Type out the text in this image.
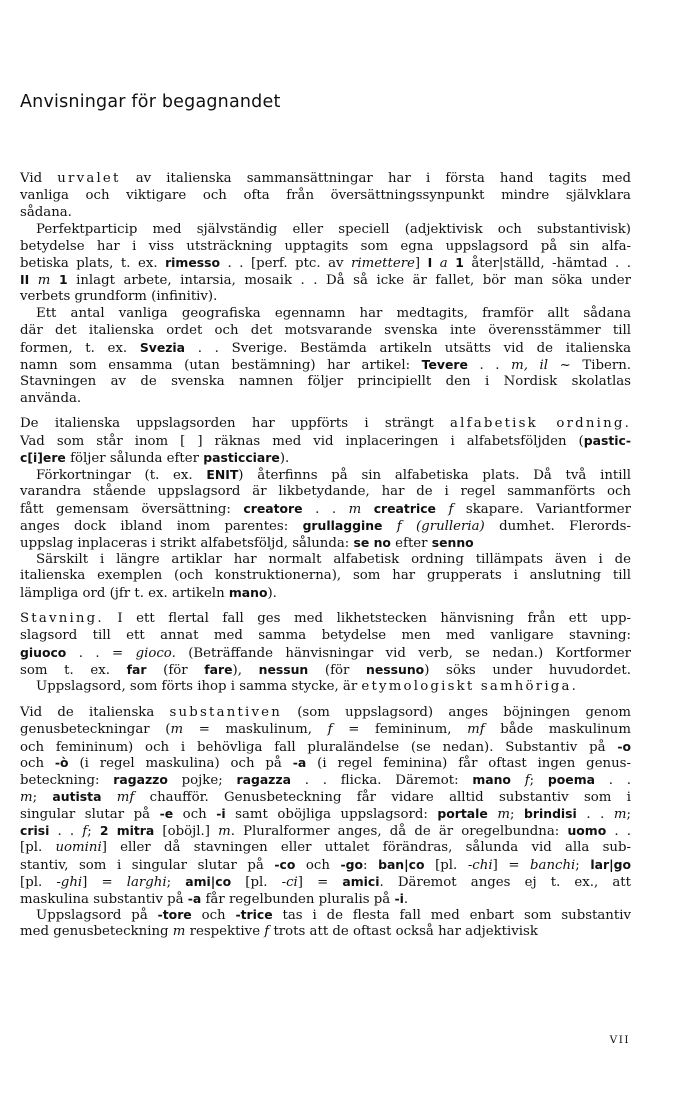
Anvisningar för begagnandet

Vid urvalet av italienska sammansättningar har i första hand tagits med

vanliga och viktigare och ofta från översättningssynpunkt mindre självklara

sådana.

Perfektparticip med självständig eller speciell (adjektivisk och substantivisk)

betydelse har i viss utsträckning upptagits som egna uppslagsord på sin alfa-

betiska plats, t. ex. rimesso . . [perf. ptc. av rimettere] I a 1 åter|ställd, -hämtad . .

II m 1 inlagt arbete, intarsia, mosaik . . Då så icke är fallet, bör man söka under

verbets grundform (infinitiv).

Ett antal vanliga geografiska egennamn har medtagits, framför allt sådana

där det italienska ordet och det motsvarande svenska inte överensstämmer till

formen, t. ex. Svezia . . Sverige. Bestämda artikeln utsätts vid de italienska

namn som ensamma (utan bestämning) har artikel: Tevere . . m, il ~ Tibern.

Stavningen av de svenska namnen följer principiellt den i Nordisk skolatlas

använda.

De italienska uppslagsorden har uppförts i strängt alfabetisk ordning.

Vad som står inom [ ] räknas med vid inplaceringen i alfabetsföljden (pastic-

c[i]ere följer sålunda efter pasticciare).

Förkortningar (t. ex. ENIT) återfinns på sin alfabetiska plats. Då två intill

varandra stående uppslagsord är likbetydande, har de i regel sammanförts och

fått gemensam översättning: creatore . . m creatrice f skapare. Variantformer

anges dock ibland inom parentes: grullaggine f (grulleria) dumhet. Flerords-

uppslag inplaceras i strikt alfabetsföljd, sålunda: se no efter senno

Särskilt i längre artiklar har normalt alfabetisk ordning tillämpats även i de

italienska exemplen (och konstruktionerna), som har grupperats i anslutning till

lämpliga ord (jfr t. ex. artikeln mano).

Stavning. I ett flertal fall ges med likhetstecken hänvisning från ett upp-

slagsord till ett annat med samma betydelse men med vanligare stavning:

giuoco . . = gioco. (Beträffande hänvisningar vid verb, se nedan.) Kortformer

som t. ex. far (för fare), nessun (för nessuno) söks under huvudordet.

Uppslagsord, som förts ihop i samma stycke, är etymologiskt samhöriga.

Vid de italienska substantiven (som uppslagsord) anges böjningen genom

genusbeteckningar (m = maskulinum, f = femininum, mf både maskulinum

och femininum) och i behövliga fall pluraländelse (se nedan). Substantiv på -o

och -ò (i regel maskulina) och på -a (i regel feminina) får oftast ingen genus-

beteckning: ragazzo pojke; ragazza . . flicka. Däremot: mano f; poema . .

m; autista mf chaufför. Genusbeteckning får vidare alltid substantiv som i

singular slutar på -e och -i samt oböjliga uppslagsord: portale m; brindisi . . m;

crisi . . f; 2 mitra [oböjl.] m. Pluralformer anges, då de är oregelbundna: uomo . .

[pl. uomini] eller då stavningen eller uttalet förändras, sålunda vid alla sub-

stantiv, som i singular slutar på -co och -go: ban|co [pl. -chi] = banchi; lar|go

[pl. -ghi] = larghi; ami|co [pl. -ci] = amici. Däremot anges ej t. ex., att

maskulina substantiv på -a får regelbunden pluralis på -i.

Uppslagsord på -tore och -trice tas i de flesta fall med enbart som substantiv

med genusbeteckning m respektive f trots att de oftast också har adjektivisk

VII
